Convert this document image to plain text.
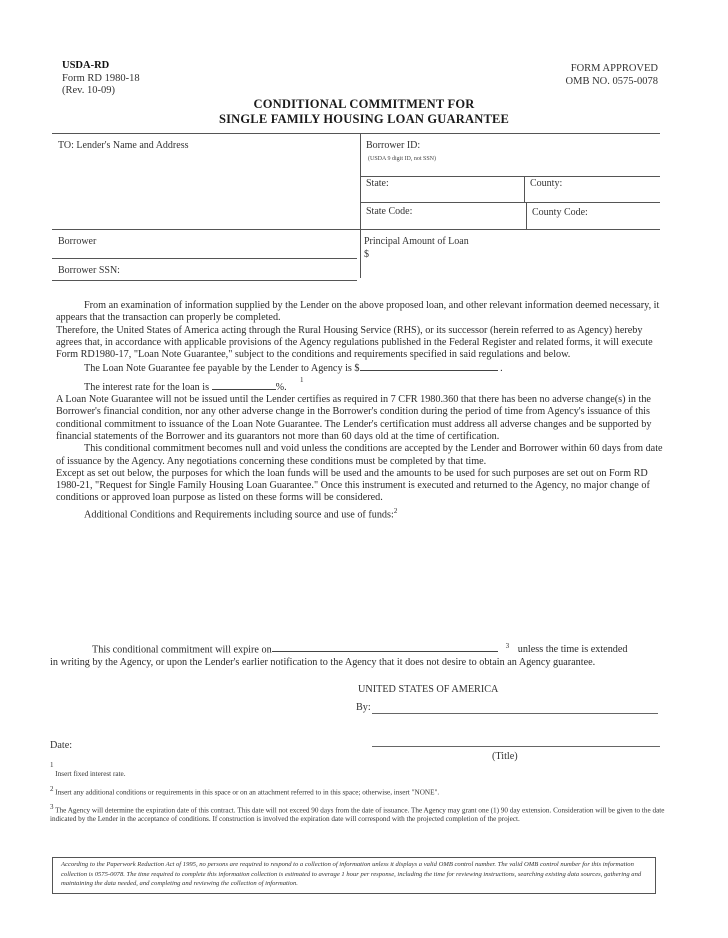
USDA-RD
Form RD 1980-18
(Rev. 10-09)
FORM APPROVED
OMB NO. 0575-0078
CONDITIONAL COMMITMENT FOR
SINGLE FAMILY HOUSING LOAN GUARANTEE
TO: Lender's Name and Address	Borrower ID:
(USDA 9 digit ID, not SSN)
State:	County:
State Code:	County Code:
Borrower	Principal Amount of Loan
$
Borrower SSN:

From an examination of information supplied by the Lender on the above proposed loan, and other relevant information deemed necessary, it appears that the transaction can properly be completed.

Therefore, the United States of America acting through the Rural Housing Service (RHS), or its successor (herein referred to as Agency) hereby agrees that, in accordance with applicable provisions of the Agency regulations published in the Federal Register and related forms, it will execute Form RD1980-17, "Loan Note Guarantee," subject to the conditions and requirements specified in said regulations and below.

The Loan Note Guarantee fee payable by the Lender to Agency is $	.

1

The interest rate for the loan is	%.

A Loan Note Guarantee will not be issued until the Lender certifies as required in 7 CFR 1980.360 that there has been no adverse change(s) in the Borrower's financial condition, nor any other adverse change in the Borrower's condition during the period of time from Agency's issuance of this conditional commitment to issuance of the Loan Note Guarantee. The Lender's certification must address all adverse changes and be supported by financial statements of the Borrower and its guarantors not more than 60 days old at the time of certification.

This conditional commitment becomes null and void unless the conditions are accepted by the Lender and Borrower within 60 days from date of issuance by the Agency. Any negotiations concerning these conditions must be completed by that time.

Except as set out below, the purposes for which the loan funds will be used and the amounts to be used for such purposes are set out on Form RD 1980-21, "Request for Single Family Housing Loan Guarantee." Once this instrument is executed and returned to the Agency, no major change of conditions or approved loan purpose as listed on these forms will be considered.

Additional Conditions and Requirements including source and use of funds:$^2$

This conditional commitment will expire on	$^3$ unless the time is extended

in writing by the Agency, or upon the Lender's earlier notification to the Agency that it does not desire to obtain an Agency guarantee.

UNITED STATES OF AMERICA
By:
Date:
(Title)
$^1$ Insert fixed interest rate.
$^2$ Insert any additional conditions or requirements in this space or on an attachment referred to in this space; otherwise, insert "NONE".
$^3$ The Agency will determine the expiration date of this contract. This date will not exceed 90 days from the date of issuance. The Agency may grant one (1) 90 day extension. Consideration will be given to the date indicated by the Lender in the acceptance of conditions. If construction is involved the expiration date will correspond with the projected completion of the project.
According to the Paperwork Reduction Act of 1995, no persons are required to respond to a collection of information unless it displays a valid OMB control number. The valid OMB control number for this information collection is 0575-0078. The time required to complete this information collection is estimated to average 1 hour per response, including the time for reviewing instructions, searching existing data sources, gathering and maintaining the data needed, and completing and reviewing the collection of information.
